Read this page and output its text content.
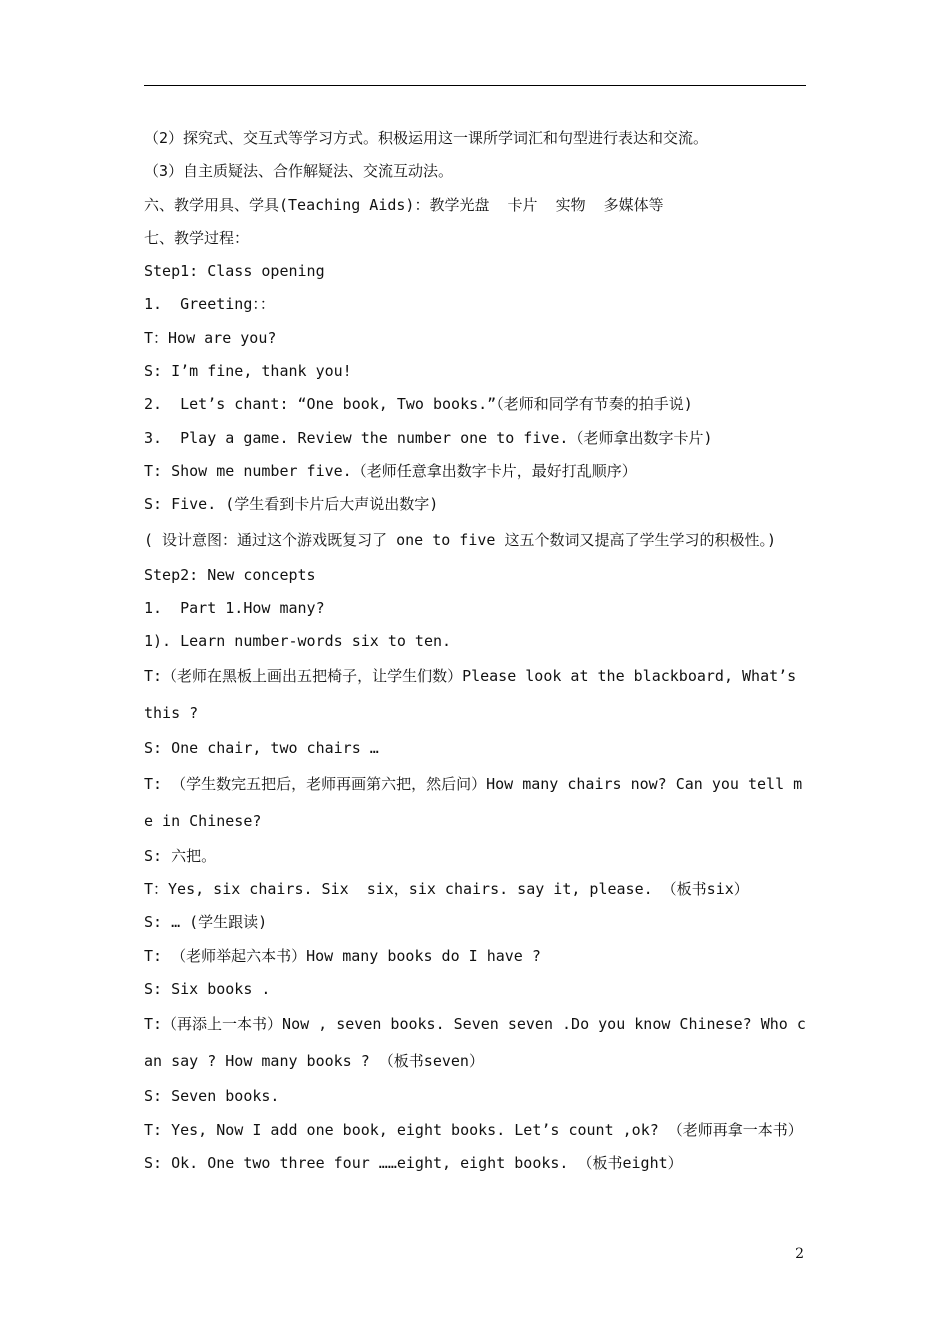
（2）探究式、交互式等学习方式。积极运用这一课所学词汇和句型进行表达和交流。

（3）自主质疑法、合作解疑法、交流互动法。

六、教学用具、学具(Teaching Aids)：教学光盘  卡片  实物  多媒体等

七、教学过程：

Step1: Class opening

1.  Greeting：：

T：How are you?

S: I’m fine, thank you!

2.  Let’s chant: “One book, Two books.”（老师和同学有节奏的拍手说)

3.  Play a game. Review the number one to five.（老师拿出数字卡片)

T: Show me number five.（老师任意拿出数字卡片，最好打乱顺序）

S: Five. (学生看到卡片后大声说出数字)

( 设计意图：通过这个游戏既复习了 one to five 这五个数词又提高了学生学习的积极性。)

Step2: New concepts

1.  Part 1.How many?

1). Learn number-words six to ten.

T:（老师在黑板上画出五把椅子，让学生们数）Please look at the blackboard, What’s this ?

S: One chair, two chairs …

T: （学生数完五把后，老师再画第六把，然后问）How many chairs now? Can you tell me in Chinese?

S: 六把。

T：Yes, six chairs. Six  six，six chairs. say it, please. （板书six）

S: … (学生跟读)

T: （老师举起六本书）How many books do I have ?

S: Six books .

T:（再添上一本书）Now , seven books. Seven seven .Do you know Chinese? Who can say ? How many books ? （板书seven）

S: Seven books.

T: Yes, Now I add one book, eight books. Let’s count ,ok? （老师再拿一本书）

S: Ok. One two three four ……eight, eight books. （板书eight）

2
